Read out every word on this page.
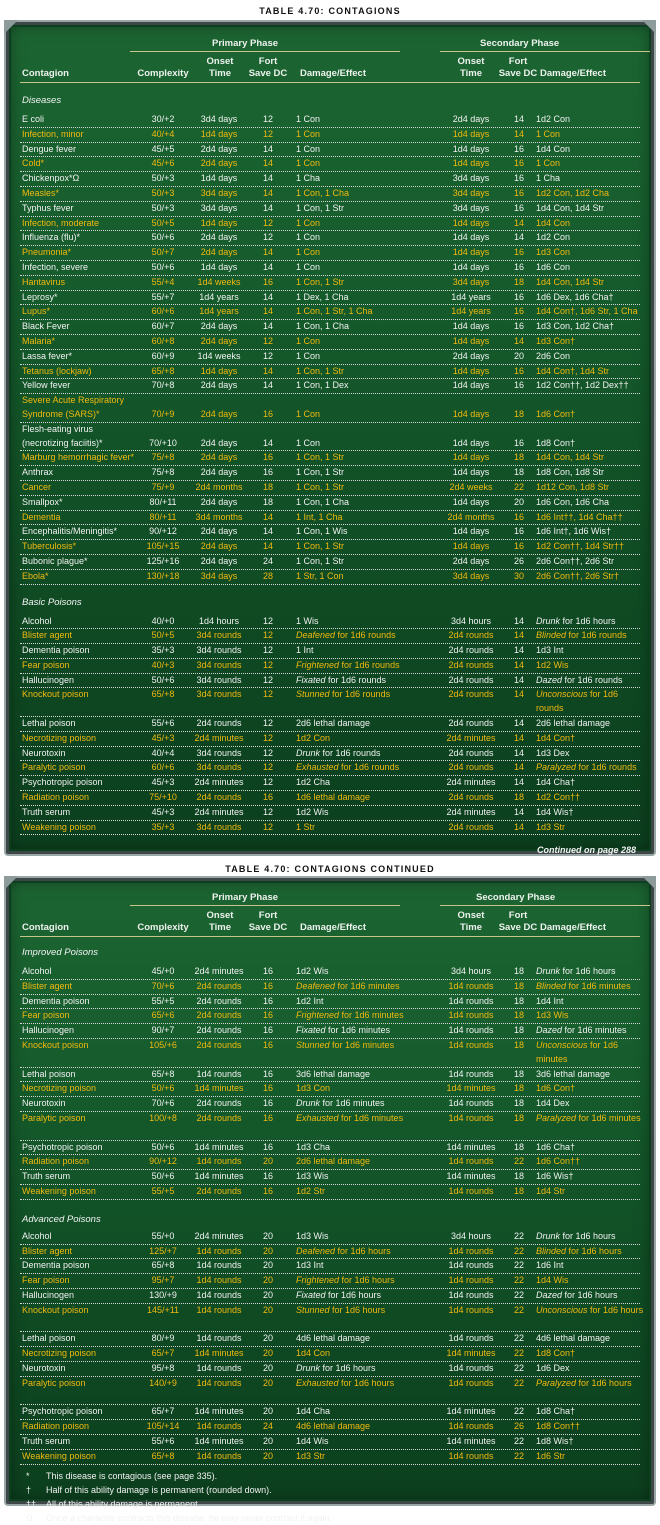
TABLE 4.70: CONTAGIONS
Primary Phase	Secondary Phase
Contagion	Complexity
Onset
Time
Fort
Save DC Damage/Effect
Onset
Time
Fort
Save DC Damage/Effect
Diseases
E coli	30/+2	3d4 days	12	1 Con	2d4 days	14	1d2 Con
Infection, minor	40/+4	1d4 days	12	1 Con	1d4 days	14	1 Con
Dengue fever	45/+5	2d4 days	14	1 Con	1d4 days	16	1d4 Con
Cold*	45/+6	2d4 days	14	1 Con	1d4 days	16	1 Con
Chickenpox*Ω	50/+3	1d4 days	14	1 Cha	3d4 days	16	1 Cha
Measles*	50/+3	3d4 days	14	1 Con, 1 Cha	3d4 days	16	1d2 Con, 1d2 Cha
Typhus fever	50/+3	3d4 days	14	1 Con, 1 Str	3d4 days	16	1d4 Con, 1d4 Str
Infection, moderate	50/+5	1d4 days	12	1 Con	1d4 days	14	1d4 Con
Influenza (flu)*	50/+6	2d4 days	12	1 Con	1d4 days	14	1d2 Con
Pneumonia*	50/+7	2d4 days	14	1 Con	1d4 days	16	1d3 Con
Infection, severe	50/+6	1d4 days	14	1 Con	1d4 days	16	1d6 Con
Hantavirus	55/+4	1d4 weeks	16	1 Con, 1 Str	3d4 days	18	1d4 Con, 1d4 Str
Leprosy*	55/+7	1d4 years	14	1 Dex, 1 Cha	1d4 years	16	1d6 Dex, 1d6 Cha†
Lupus*	60/+6	1d4 years	14	1 Con, 1 Str, 1 Cha	1d4 years	16	1d4 Con†, 1d6 Str, 1 Cha
Black Fever	60/+7	2d4 days	14	1 Con, 1 Cha	1d4 days	16	1d3 Con, 1d2 Cha†
Malaria*	60/+8	2d4 days	12	1 Con	1d4 days	14	1d3 Con†
Lassa fever*	60/+9	1d4 weeks	12	1 Con	2d4 days	20	2d6 Con
Tetanus (lockjaw)	65/+8	1d4 days	14	1 Con, 1 Str	1d4 days	16	1d4 Con†, 1d4 Str
Yellow fever	70/+8	2d4 days	14	1 Con, 1 Dex	1d4 days	16	1d2 Con††, 1d2 Dex††
Severe Acute Respiratory Syndrome (SARS)*	70/+9	2d4 days	16	1 Con	1d4 days	18	1d6 Con†
Flesh-eating virus (necrotizing faciitis)*	70/+10	2d4 days	14	1 Con	1d4 days	16	1d8 Con†
Marburg hemorrhagic fever*	75/+8	2d4 days	16	1 Con, 1 Str	1d4 days	18	1d4 Con, 1d4 Str
Anthrax	75/+8	2d4 days	16	1 Con, 1 Str	1d4 days	18	1d8 Con, 1d8 Str
Cancer	75/+9	2d4 months	18	1 Con, 1 Str	2d4 weeks	22	1d12 Con, 1d8 Str
Smallpox*	80/+11	2d4 days	18	1 Con, 1 Cha	1d4 days	20	1d6 Con, 1d6 Cha
Dementia	80/+11	3d4 months	14	1 Int, 1 Cha	2d4 months	16	1d6 Int††, 1d4 Cha††
Encephalitis/Meningitis*	90/+12	2d4 days	14	1 Con, 1 Wis	1d4 days	16	1d6 Int†, 1d6 Wis†
Tuberculosis*	105/+15	2d4 days	14	1 Con, 1 Str	1d4 days	16	1d2 Con††, 1d4 Str††
Bubonic plague*	125/+16	2d4 days	24	1 Con, 1 Str	2d4 days	26	2d6 Con††, 2d6 Str
Ebola*	130/+18	3d4 days	28	1 Str, 1 Con	3d4 days	30	2d6 Con††, 2d6 Str†
Basic Poisons
Alcohol	40/+0	1d4 hours	12	1 Wis	3d4 hours	14	Drunk for 1d6 hours
Blister agent	50/+5	3d4 rounds	12	Deafened for 1d6 rounds	2d4 rounds	14	Blinded for 1d6 rounds
Dementia poison	35/+3	3d4 rounds	12	1 Int	2d4 rounds	14	1d3 Int
Fear poison	40/+3	3d4 rounds	12	Frightened for 1d6 rounds	2d4 rounds	14	1d2 Wis
Hallucinogen	50/+6	3d4 rounds	12	Fixated for 1d6 rounds	2d4 rounds	14	Dazed for 1d6 rounds
Knockout poison	65/+8	3d4 rounds	12	Stunned for 1d6 rounds	2d4 rounds	14	Unconscious for 1d6 rounds
Lethal poison	55/+6	2d4 rounds	12	2d6 lethal damage	2d4 rounds	14	2d6 lethal damage
Necrotizing poison	45/+3	2d4 minutes	12	1d2 Con	2d4 minutes	14	1d4 Con†
Neurotoxin	40/+4	3d4 rounds	12	Drunk for 1d6 rounds	2d4 rounds	14	1d3 Dex
Paralytic poison	60/+6	3d4 rounds	12	Exhausted for 1d6 rounds	2d4 rounds	14	Paralyzed for 1d6 rounds
Psychotropic poison	45/+3	2d4 minutes	12	1d2 Cha	2d4 minutes	14	1d4 Cha†
Radiation poison	75/+10	2d4 rounds	16	1d6 lethal damage	2d4 rounds	18	1d2 Con††
Truth serum	45/+3	2d4 minutes	12	1d2 Wis	2d4 minutes	14	1d4 Wis†
Weakening poison	35/+3	3d4 rounds	12	1 Str	2d4 rounds	14	1d3 Str
Continued on page 288
TABLE 4.70: CONTAGIONS CONTINUED
Primary Phase	Secondary Phase
Contagion	Complexity
Onset
Time
Fort
Save DC Damage/Effect
Onset
Time
Fort
Save DC Damage/Effect
Improved Poisons
Alcohol	45/+0	2d4 minutes	16	1d2 Wis	3d4 hours	18	Drunk for 1d6 hours
Blister agent	70/+6	2d4 rounds	16	Deafened for 1d6 minutes	1d4 rounds	18	Blinded for 1d6 minutes
Dementia poison	55/+5	2d4 rounds	16	1d2 Int	1d4 rounds	18	1d4 Int
Fear poison	65/+6	2d4 rounds	16	Frightened for 1d6 minutes	1d4 rounds	18	1d3 Wis
Hallucinogen	90/+7	2d4 rounds	16	Fixated for 1d6 minutes	1d4 rounds	18	Dazed for 1d6 minutes
Knockout poison	105/+6	2d4 rounds	16	Stunned for 1d6 minutes	1d4 rounds	18	Unconscious for 1d6 minutes
Lethal poison	65/+8	1d4 rounds	16	3d6 lethal damage	1d4 rounds	18	3d6 lethal damage
Necrotizing poison	50/+6	1d4 minutes	16	1d3 Con	1d4 minutes	18	1d6 Con†
Neurotoxin	70/+6	2d4 rounds	16	Drunk for 1d6 minutes	1d4 rounds	18	1d4 Dex
Paralytic poison	100/+8	2d4 rounds	16	Exhausted for 1d6 minutes	1d4 rounds	18	Paralyzed for 1d6 minutes
Psychotropic poison	50/+6	1d4 minutes	16	1d3 Cha	1d4 minutes	18	1d6 Cha†
Radiation poison	90/+12	1d4 rounds	20	2d6 lethal damage	1d4 rounds	22	1d6 Con††
Truth serum	50/+6	1d4 minutes	16	1d3 Wis	1d4 minutes	18	1d6 Wis†
Weakening poison	55/+5	2d4 rounds	16	1d2 Str	1d4 rounds	18	1d4 Str
Advanced Poisons
Alcohol	55/+0	2d4 minutes	20	1d3 Wis	3d4 hours	22	Drunk for 1d6 hours
Blister agent	125/+7	1d4 rounds	20	Deafened for 1d6 hours	1d4 rounds	22	Blinded for 1d6 hours
Dementia poison	65/+8	1d4 rounds	20	1d3 Int	1d4 rounds	22	1d6 Int
Fear poison	95/+7	1d4 rounds	20	Frightened for 1d6 hours	1d4 rounds	22	1d4 Wis
Hallucinogen	130/+9	1d4 rounds	20	Fixated for 1d6 hours	1d4 rounds	22	Dazed for 1d6 hours
Knockout poison	145/+11	1d4 rounds	20	Stunned for 1d6 hours	1d4 rounds	22	Unconscious for 1d6 hours
Lethal poison	80/+9	1d4 rounds	20	4d6 lethal damage	1d4 rounds	22	4d6 lethal damage
Necrotizing poison	65/+7	1d4 minutes	20	1d4 Con	1d4 minutes	22	1d8 Con†
Neurotoxin	95/+8	1d4 rounds	20	Drunk for 1d6 hours	1d4 rounds	22	1d6 Dex
Paralytic poison	140/+9	1d4 rounds	20	Exhausted for 1d6 hours	1d4 rounds	22	Paralyzed for 1d6 hours
Psychotropic poison	65/+7	1d4 minutes	20	1d4 Cha	1d4 minutes	22	1d8 Cha†
Radiation poison	105/+14	1d4 rounds	24	4d6 lethal damage	1d4 rounds	26	1d8 Con††
Truth serum	55/+6	1d4 minutes	20	1d4 Wis	1d4 minutes	22	1d8 Wis†
Weakening poison	65/+8	1d4 rounds	20	1d3 Str	1d4 rounds	22	1d6 Str
* This disease is contagious (see page 335).
† Half of this ability damage is permanent (rounded down).
†† All of this ability damage is permanent.
Ω Once a character contracts this disease, he may never contract it again.
